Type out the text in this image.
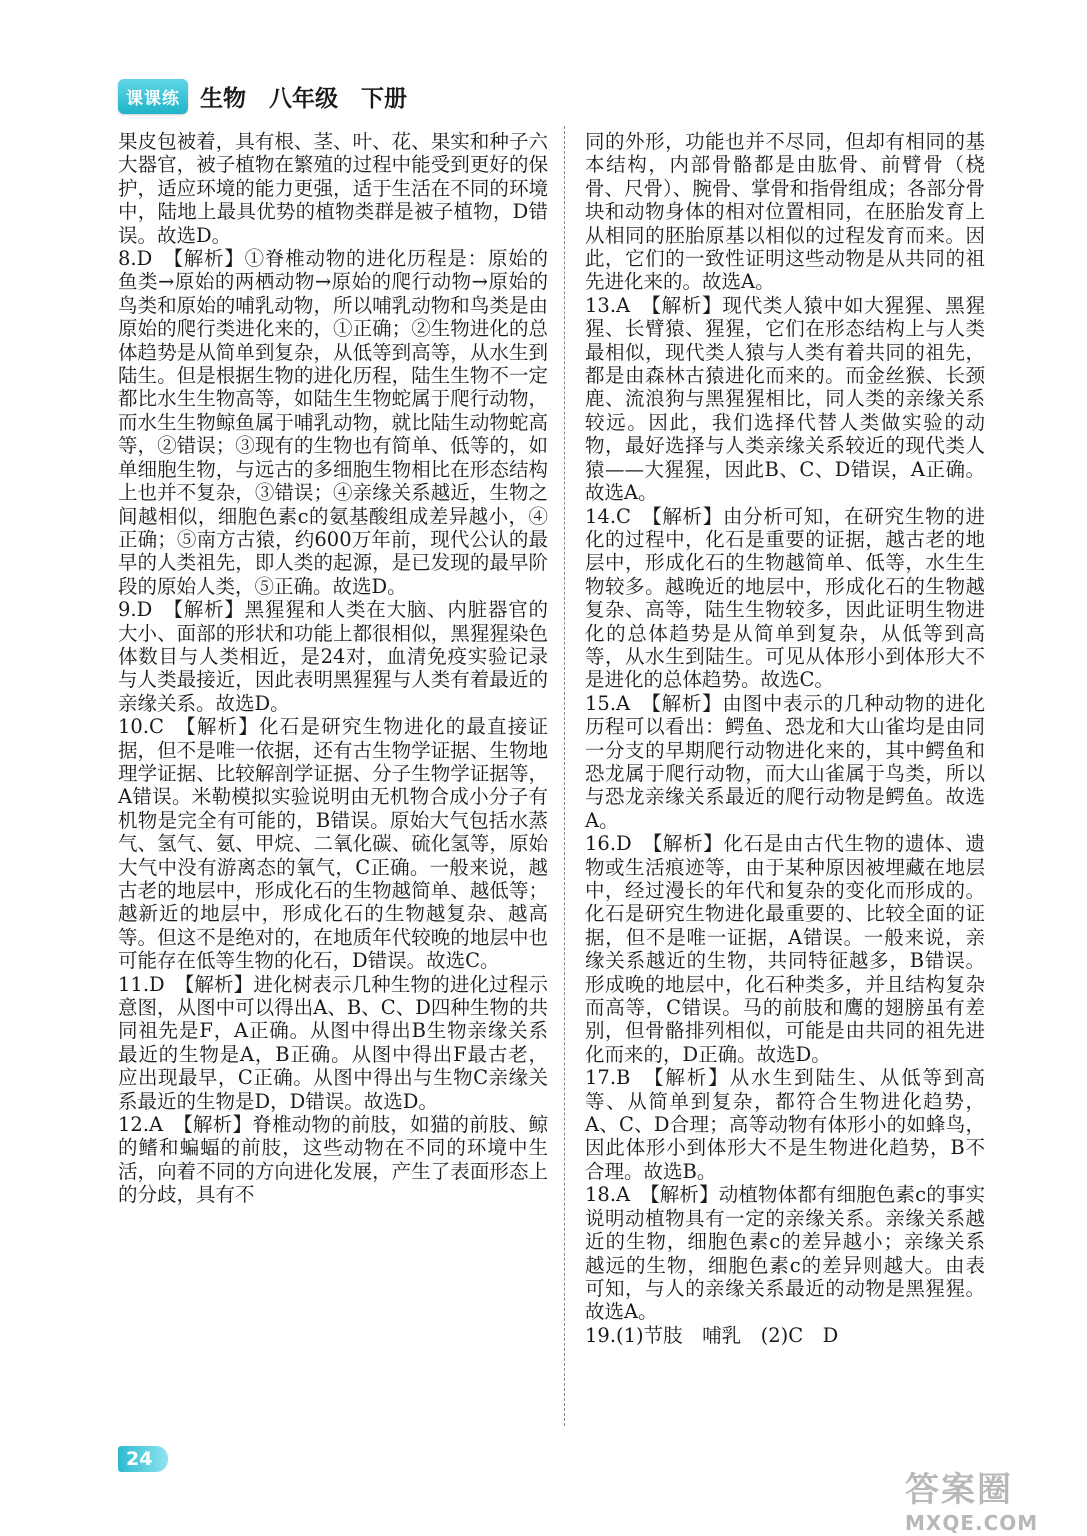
课课练 生物　八年级　下册
果皮包被着，具有根、茎、叶、花、果实和种子六大器官，被子植物在繁殖的过程中能受到更好的保护，适应环境的能力更强，适于生活在不同的环境中，陆地上最具优势的植物类群是被子植物，D错误。故选D。
8.D　【解析】①脊椎动物的进化历程是：原始的鱼类→原始的两栖动物→原始的爬行动物→原始的鸟类和原始的哺乳动物，所以哺乳动物和鸟类是由原始的爬行类进化来的，①正确；②生物进化的总体趋势是从简单到复杂，从低等到高等，从水生到陆生。但是根据生物的进化历程，陆生生物不一定都比水生生物高等，如陆生生物蛇属于爬行动物，而水生生物鲸鱼属于哺乳动物，就比陆生动物蛇高等，②错误；③现有的生物也有简单、低等的，如单细胞生物，与远古的多细胞生物相比在形态结构上也并不复杂，③错误；④亲缘关系越近，生物之间越相似，细胞色素c的氨基酸组成差异越小，④正确；⑤南方古猿，约600万年前，现代公认的最早的人类祖先，即人类的起源，是已发现的最早阶段的原始人类，⑤正确。故选D。
9.D　【解析】黑猩猩和人类在大脑、内脏器官的大小、面部的形状和功能上都很相似，黑猩猩染色体数目与人类相近，是24对，血清免疫实验记录与人类最接近，因此表明黑猩猩与人类有着最近的亲缘关系。故选D。
10.C　【解析】化石是研究生物进化的最直接证据，但不是唯一依据，还有古生物学证据、生物地理学证据、比较解剖学证据、分子生物学证据等，A错误。米勒模拟实验说明由无机物合成小分子有机物是完全有可能的，B错误。原始大气包括水蒸气、氢气、氨、甲烷、二氧化碳、硫化氢等，原始大气中没有游离态的氧气，C正确。一般来说，越古老的地层中，形成化石的生物越简单、越低等；越新近的地层中，形成化石的生物越复杂、越高等。但这不是绝对的，在地质年代较晚的地层中也可能存在低等生物的化石，D错误。故选C。
11.D　【解析】进化树表示几种生物的进化过程示意图，从图中可以得出A、B、C、D四种生物的共同祖先是F，A正确。从图中得出B生物亲缘关系最近的生物是A，B正确。从图中得出F最古老，应出现最早，C正确。从图中得出与生物C亲缘关系最近的生物是D，D错误。故选D。
12.A　【解析】脊椎动物的前肢，如猫的前肢、鲸的鳍和蝙蝠的前肢，这些动物在不同的环境中生活，向着不同的方向进化发展，产生了表面形态上的分歧，具有不
同的外形，功能也并不尽同，但却有相同的基本结构，内部骨骼都是由肱骨、前臂骨（桡骨、尺骨）、腕骨、掌骨和指骨组成；各部分骨块和动物身体的相对位置相同，在胚胎发育上从相同的胚胎原基以相似的过程发育而来。因此，它们的一致性证明这些动物是从共同的祖先进化来的。故选A。
13.A　【解析】现代类人猿中如大猩猩、黑猩猩、长臂猿、猩猩，它们在形态结构上与人类最相似，现代类人猿与人类有着共同的祖先，都是由森林古猿进化而来的。而金丝猴、长颈鹿、流浪狗与黑猩猩相比，同人类的亲缘关系较远。因此，我们选择代替人类做实验的动物，最好选择与人类亲缘关系较近的现代类人猿——大猩猩，因此B、C、D错误，A正确。故选A。
14.C　【解析】由分析可知，在研究生物的进化的过程中，化石是重要的证据，越古老的地层中，形成化石的生物越简单、低等，水生生物较多。越晚近的地层中，形成化石的生物越复杂、高等，陆生生物较多，因此证明生物进化的总体趋势是从简单到复杂，从低等到高等，从水生到陆生。可见从体形小到体形大不是进化的总体趋势。故选C。
15.A　【解析】由图中表示的几种动物的进化历程可以看出：鳄鱼、恐龙和大山雀均是由同一分支的早期爬行动物进化来的，其中鳄鱼和恐龙属于爬行动物，而大山雀属于鸟类，所以与恐龙亲缘关系最近的爬行动物是鳄鱼。故选A。
16.D　【解析】化石是由古代生物的遗体、遗物或生活痕迹等，由于某种原因被埋藏在地层中，经过漫长的年代和复杂的变化而形成的。化石是研究生物进化最重要的、比较全面的证据，但不是唯一证据，A错误。一般来说，亲缘关系越近的生物，共同特征越多，B错误。形成晚的地层中，化石种类多，并且结构复杂而高等，C错误。马的前肢和鹰的翅膀虽有差别，但骨骼排列相似，可能是由共同的祖先进化而来的，D正确。故选D。
17.B　【解析】从水生到陆生、从低等到高等、从简单到复杂，都符合生物进化趋势，A、C、D合理；高等动物有体形小的如蜂鸟，因此体形小到体形大不是生物进化趋势，B不合理。故选B。
18.A　【解析】动植物体都有细胞色素c的事实说明动植物具有一定的亲缘关系。亲缘关系越近的生物，细胞色素c的差异越小；亲缘关系越远的生物，细胞色素c的差异则越大。由表可知，与人的亲缘关系最近的动物是黑猩猩。故选A。
19.(1)节肢　哺乳　(2)C　D
24
答案圈
MXQE.COM
